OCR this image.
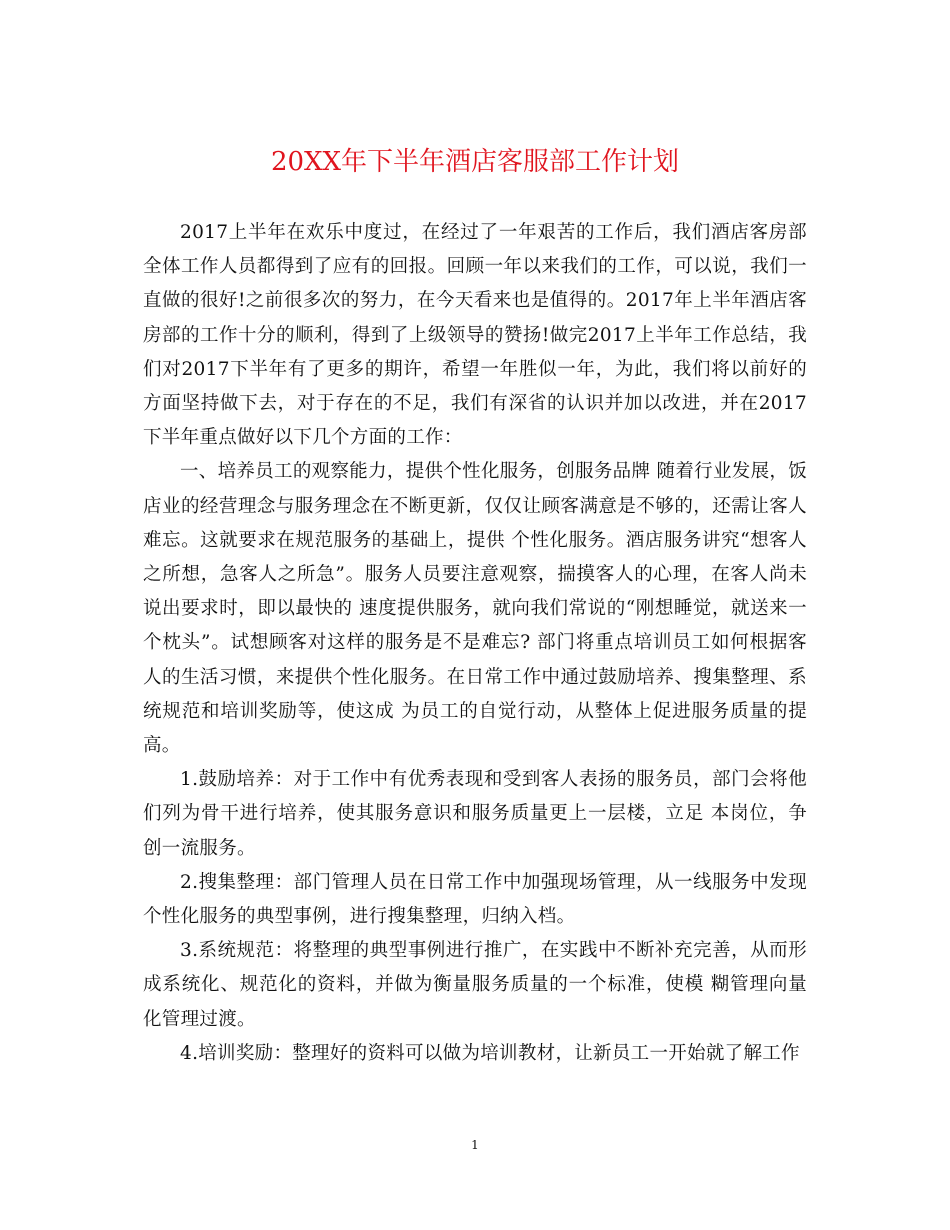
20XX年下半年酒店客服部工作计划

2017上半年在欢乐中度过，在经过了一年艰苦的工作后，我们酒店客房部全体工作人员都得到了应有的回报。回顾一年以来我们的工作，可以说，我们一直做的很好!之前很多次的努力，在今天看来也是值得的。2017年上半年酒店客房部的工作十分的顺利，得到了上级领导的赞扬!做完2017上半年工作总结，我们对2017下半年有了更多的期许，希望一年胜似一年，为此，我们将以前好的方面坚持做下去，对于存在的不足，我们有深省的认识并加以改进，并在2017下半年重点做好以下几个方面的工作：

一、培养员工的观察能力，提供个性化服务，创服务品牌 随着行业发展，饭店业的经营理念与服务理念在不断更新，仅仅让顾客满意是不够的，还需让客人难忘。这就要求在规范服务的基础上，提供 个性化服务。酒店服务讲究“想客人之所想，急客人之所急”。服务人员要注意观察，揣摸客人的心理，在客人尚未说出要求时，即以最快的 速度提供服务，就向我们常说的“刚想睡觉，就送来一个枕头”。试想顾客对这样的服务是不是难忘? 部门将重点培训员工如何根据客人的生活习惯，来提供个性化服务。在日常工作中通过鼓励培养、搜集整理、系统规范和培训奖励等，使这成 为员工的自觉行动，从整体上促进服务质量的提高。

1.鼓励培养：对于工作中有优秀表现和受到客人表扬的服务员，部门会将他们列为骨干进行培养，使其服务意识和服务质量更上一层楼，立足 本岗位，争创一流服务。

2.搜集整理：部门管理人员在日常工作中加强现场管理，从一线服务中发现个性化服务的典型事例，进行搜集整理，归纳入档。

3.系统规范：将整理的典型事例进行推广，在实践中不断补充完善，从而形成系统化、规范化的资料，并做为衡量服务质量的一个标准，使模 糊管理向量化管理过渡。

4.培训奖励：整理好的资料可以做为培训教材，让新员工一开始就了解工作

1
